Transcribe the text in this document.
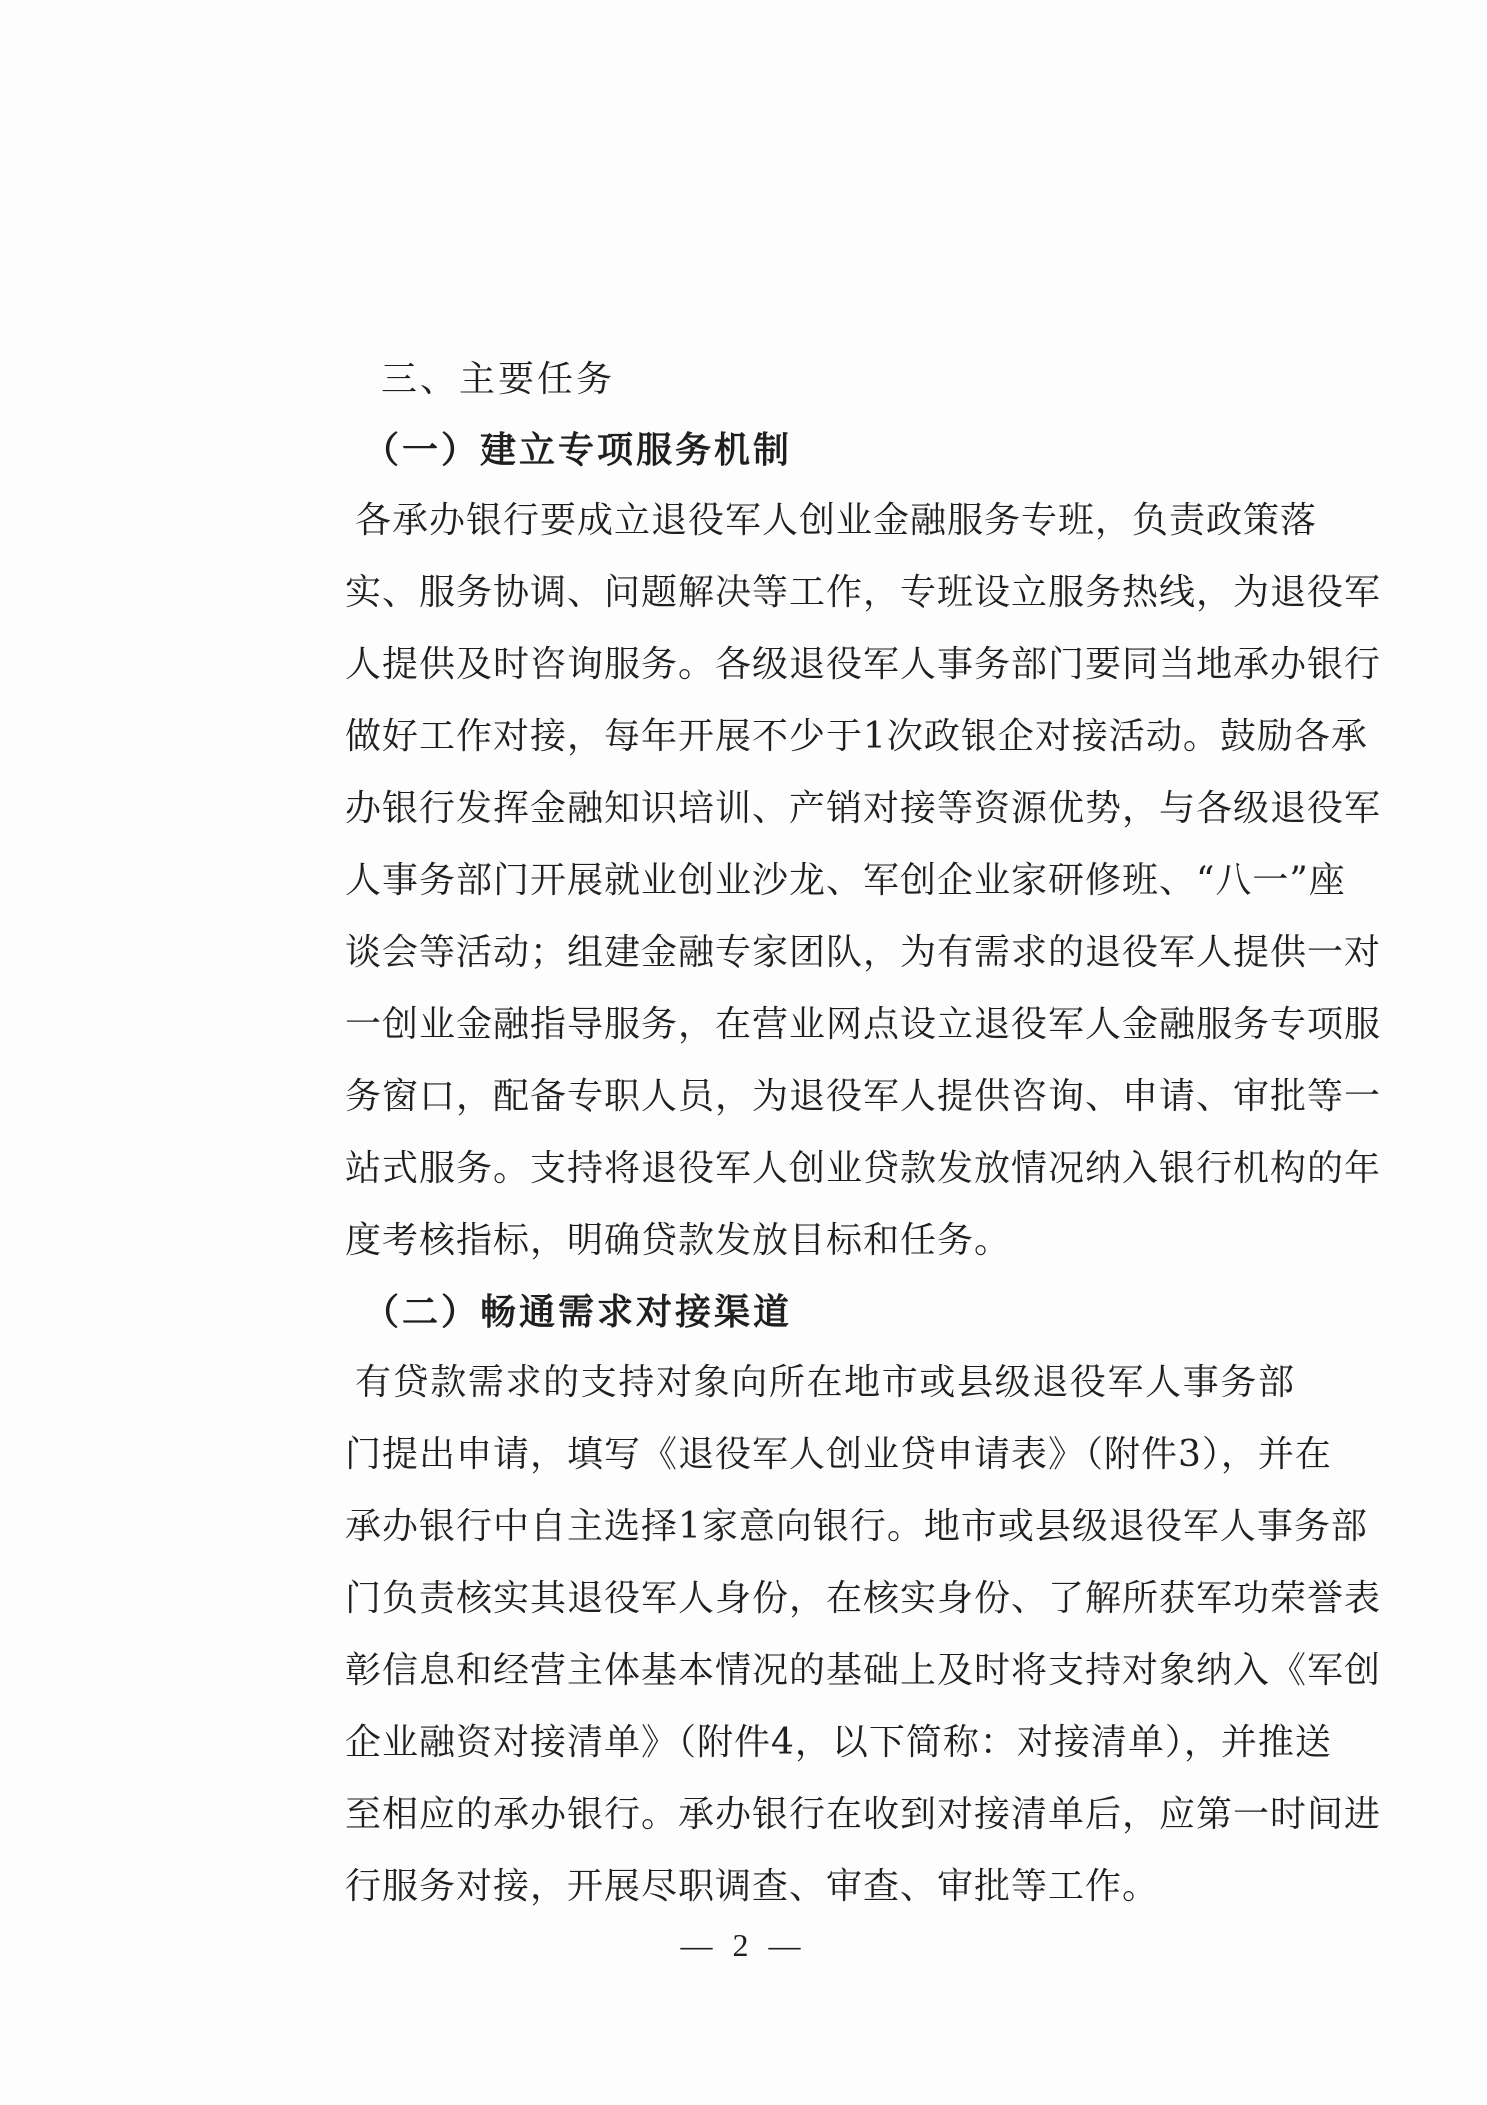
三、主要任务
（一）建立专项服务机制
各承办银行要成立退役军人创业金融服务专班，负责政策落
实、服务协调、问题解决等工作，专班设立服务热线，为退役军
人提供及时咨询服务。各级退役军人事务部门要同当地承办银行
做好工作对接，每年开展不少于1次政银企对接活动。鼓励各承
办银行发挥金融知识培训、产销对接等资源优势，与各级退役军
人事务部门开展就业创业沙龙、军创企业家研修班、“八一”座
谈会等活动；组建金融专家团队，为有需求的退役军人提供一对
一创业金融指导服务，在营业网点设立退役军人金融服务专项服
务窗口，配备专职人员，为退役军人提供咨询、申请、审批等一
站式服务。支持将退役军人创业贷款发放情况纳入银行机构的年
度考核指标，明确贷款发放目标和任务。
（二）畅通需求对接渠道
有贷款需求的支持对象向所在地市或县级退役军人事务部
门提出申请，填写《退役军人创业贷申请表》（附件3），并在
承办银行中自主选择1家意向银行。地市或县级退役军人事务部
门负责核实其退役军人身份，在核实身份、了解所获军功荣誉表
彰信息和经营主体基本情况的基础上及时将支持对象纳入《军创
企业融资对接清单》（附件4，以下简称：对接清单），并推送
至相应的承办银行。承办银行在收到对接清单后，应第一时间进
行服务对接，开展尽职调查、审查、审批等工作。
— 2 —
